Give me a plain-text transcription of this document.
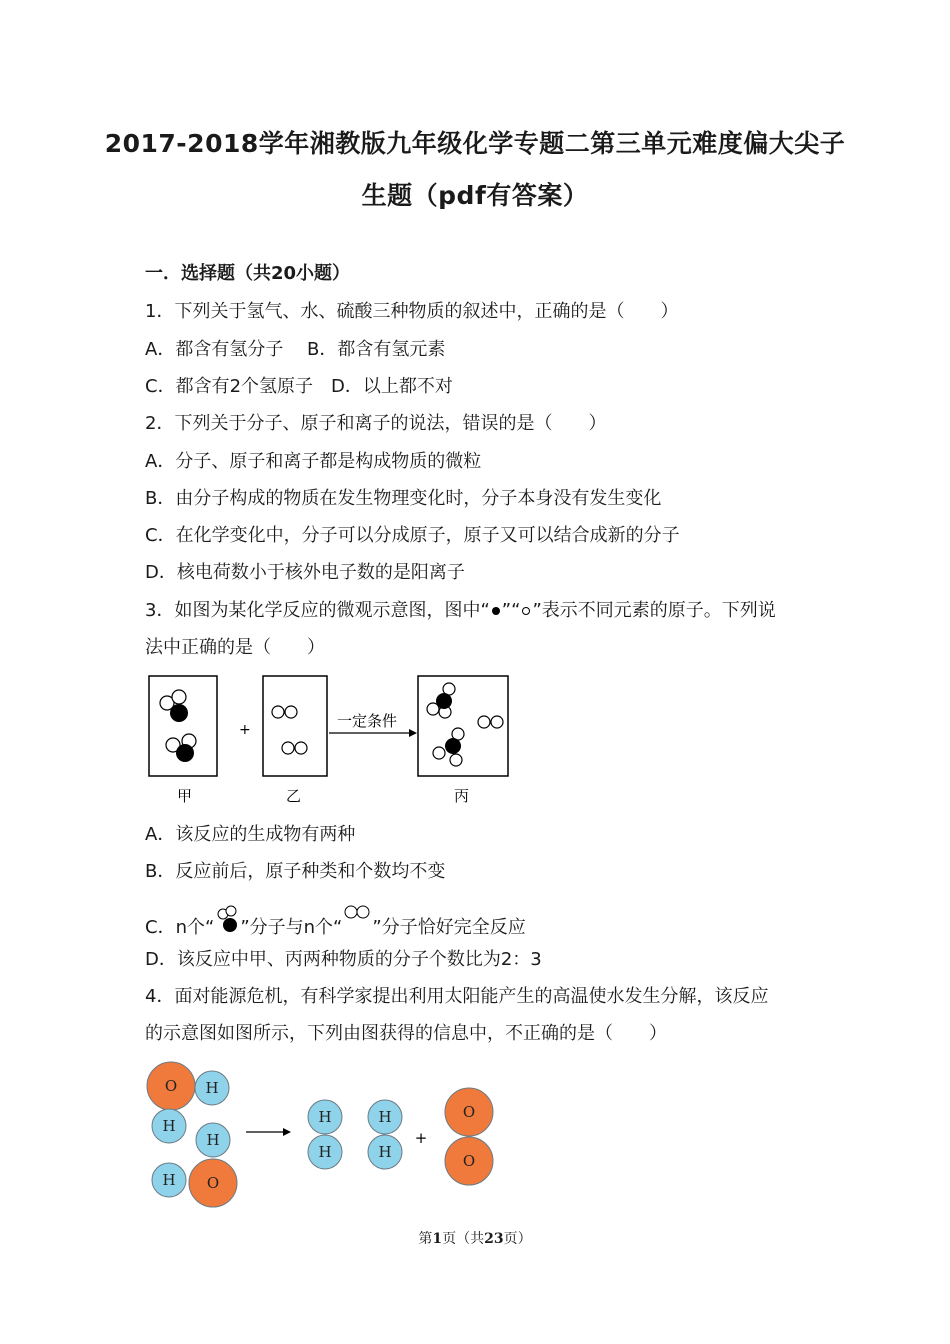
2017-2018学年湘教版九年级化学专题二第三单元难度偏大尖子
生题（pdf有答案）
一．选择题（共20小题）
1．下列关于氢气、水、硫酸三种物质的叙述中，正确的是（　　）
A．都含有氢分子　 B．都含有氢元素
C．都含有2个氢原子　D．以上都不对
2．下列关于分子、原子和离子的说法，错误的是（　　）
A．分子、原子和离子都是构成物质的微粒
B．由分子构成的物质在发生物理变化时，分子本身没有发生变化
C．在化学变化中，分子可以分成原子，原子又可以结合成新的分子
D．核电荷数小于核外电子数的是阳离子
3．如图为某化学反应的微观示意图，图中“ ”“ ”表示不同元素的原子。下列说
法中正确的是（　　）
+	一定条件
甲	乙	丙
A．该反应的生成物有两种
B．反应前后，原子种类和个数均不变
C．n个“ ”分子与n个“ ”分子恰好完全反应
D．该反应中甲、丙两种物质的分子个数比为2：3
4．面对能源危机，有科学家提出利用太阳能产生的高温使水发生分解，该反应
的示意图如图所示，下列由图获得的信息中，不正确的是（　　）
O H
H
H
H O
H
H
H
H
O
O
+
第1页（共23页）
